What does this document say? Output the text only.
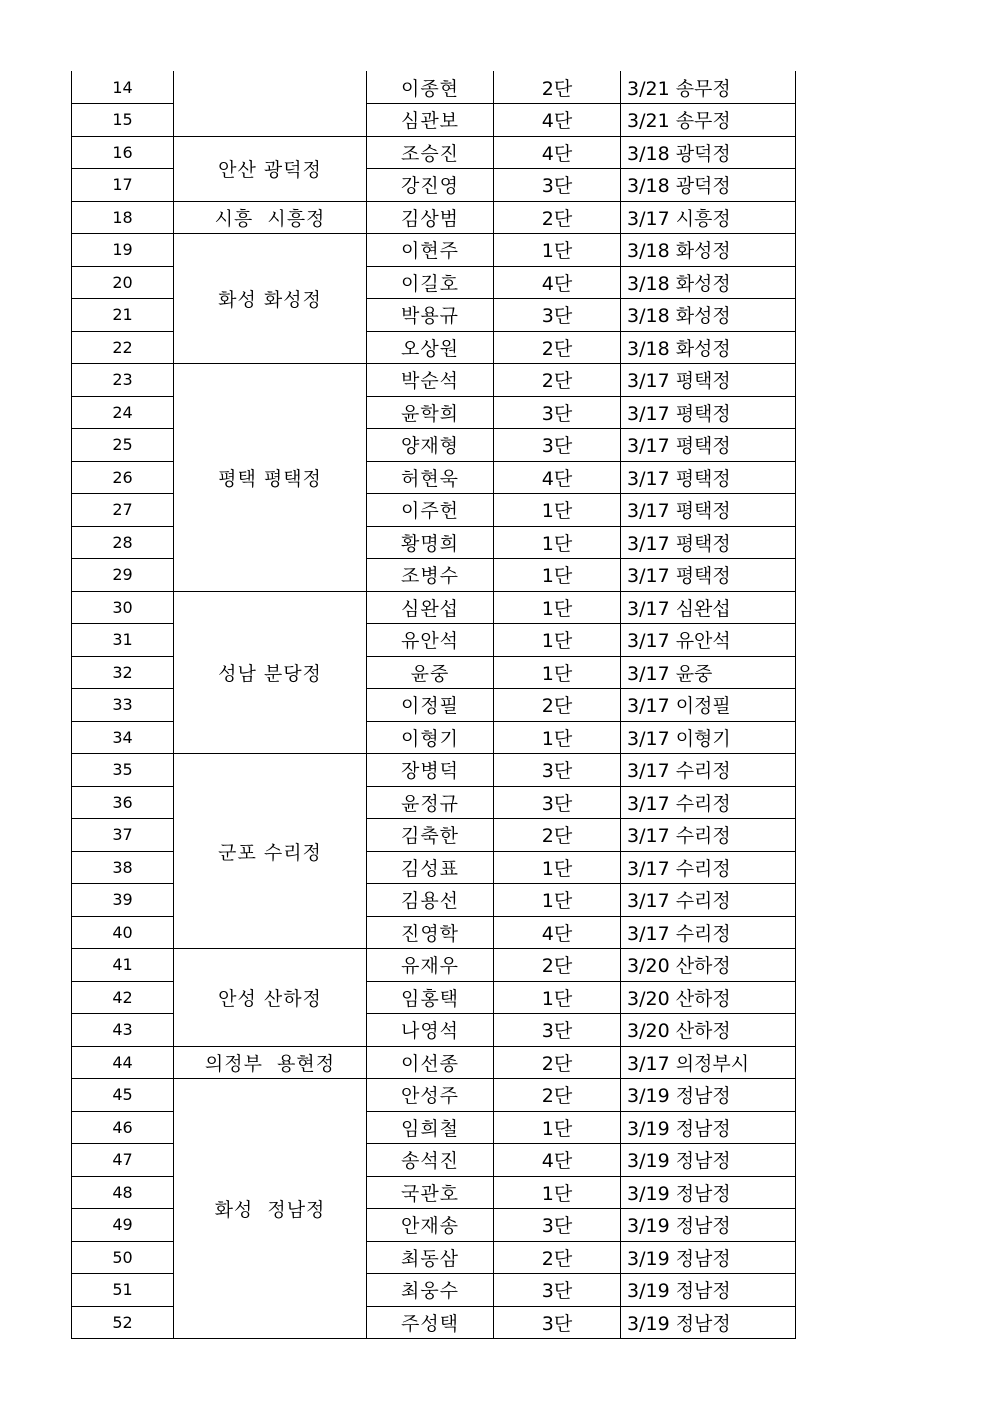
14		이종현	2단	3/21 송무정
15		심관보	4단	3/21 송무정
16	안산 광덕정	조승진	4단	3/18 광덕정
17		강진영	3단	3/18 광덕정
18	시흥  시흥정	김상범	2단	3/17 시흥정
19	화성 화성정	이현주	1단	3/18 화성정
20		이길호	4단	3/18 화성정
21		박용규	3단	3/18 화성정
22		오상원	2단	3/18 화성정
23	평택 평택정	박순석	2단	3/17 평택정
24		윤학희	3단	3/17 평택정
25		양재형	3단	3/17 평택정
26		허현욱	4단	3/17 평택정
27		이주헌	1단	3/17 평택정
28		황명희	1단	3/17 평택정
29		조병수	1단	3/17 평택정
30	성남 분당정	심완섭	1단	3/17 심완섭
31		유안석	1단	3/17 유안석
32		윤중	1단	3/17 윤중
33		이정필	2단	3/17 이정필
34		이형기	1단	3/17 이형기
35	군포 수리정	장병덕	3단	3/17 수리정
36		윤정규	3단	3/17 수리정
37		김축한	2단	3/17 수리정
38		김성표	1단	3/17 수리정
39		김용선	1단	3/17 수리정
40		진영학	4단	3/17 수리정
41	안성 산하정	유재우	2단	3/20 산하정
42		임홍택	1단	3/20 산하정
43		나영석	3단	3/20 산하정
44	의정부  용현정	이선종	2단	3/17 의정부시
45	화성  정남정	안성주	2단	3/19 정남정
46		임희철	1단	3/19 정남정
47		송석진	4단	3/19 정남정
48		국관호	1단	3/19 정남정
49		안재송	3단	3/19 정남정
50		최동삼	2단	3/19 정남정
51		최웅수	3단	3/19 정남정
52		주성택	3단	3/19 정남정
